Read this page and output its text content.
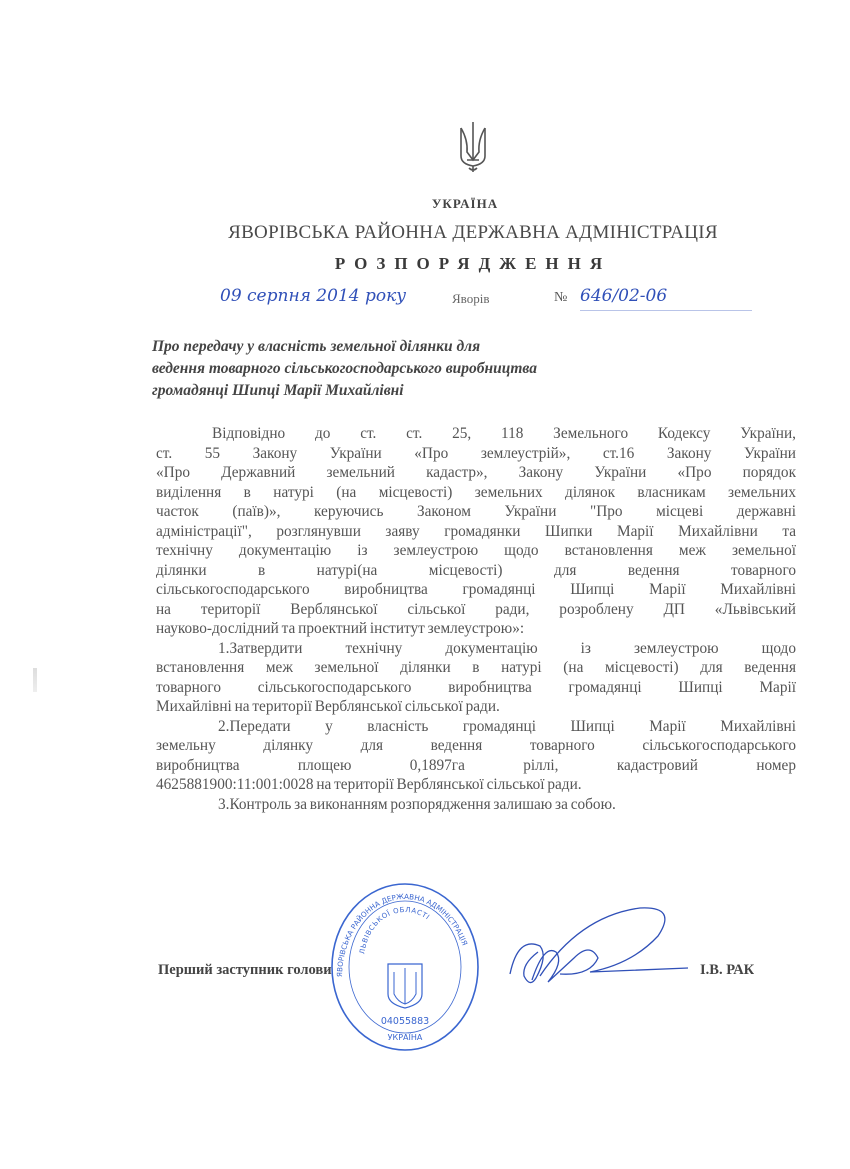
УКРАЇНА
ЯВОРІВСЬКА РАЙОННА ДЕРЖАВНА АДМІНІСТРАЦІЯ
РОЗПОРЯДЖЕННЯ
09 серпня 2014 року	Яворів	№ 646/02-06
Про передачу у власність земельної ділянки для
ведення товарного сільськогосподарського виробництва
громадянці Шипці Марії Михайлівні

Відповідно до ст. ст. 25, 118 Земельного Кодексу України,
ст. 55 Закону України «Про землеустрій», ст.16 Закону України
«Про Державний земельний кадастр», Закону України «Про порядок
виділення в натурі (на місцевості) земельних ділянок власникам земельних
часток (паїв)», керуючись Законом України "Про місцеві державні
адміністрації", розглянувши заяву громадянки Шипки Марії Михайлівни та
технічну документацію із землеустрою щодо встановлення меж земельної
ділянки в натурі(на місцевості) для ведення товарного
сільськогосподарського виробництва громадянці Шипці Марії Михайлівні
на території Верблянської сільської ради, розроблену ДП «Львівський
науково-дослідний та проектний інститут землеустрою»:

1.Затвердити технічну документацію із землеустрою щодо
встановлення меж земельної ділянки в натурі (на місцевості) для ведення
товарного сільськогосподарського виробництва громадянці Шипці Марії
Михайлівні на території Верблянської сільської ради.

2.Передати у власність громадянці Шипці Марії Михайлівні
земельну ділянку для ведення товарного сільськогосподарського
виробництва площею 0,1897га ріллі, кадастровий номер
4625881900:11:001:0028 на території Верблянської сільської ради.

3.Контроль за виконанням розпорядження залишаю за собою.

Перший заступник голови	І.В. РАК
ЯВОРІВСЬКА РАЙОННА ДЕРЖАВНА АДМІНІСТРАЦІЯ
ЛЬВІВСЬКОЇ ОБЛАСТІ
04055883
УКРАЇНА
